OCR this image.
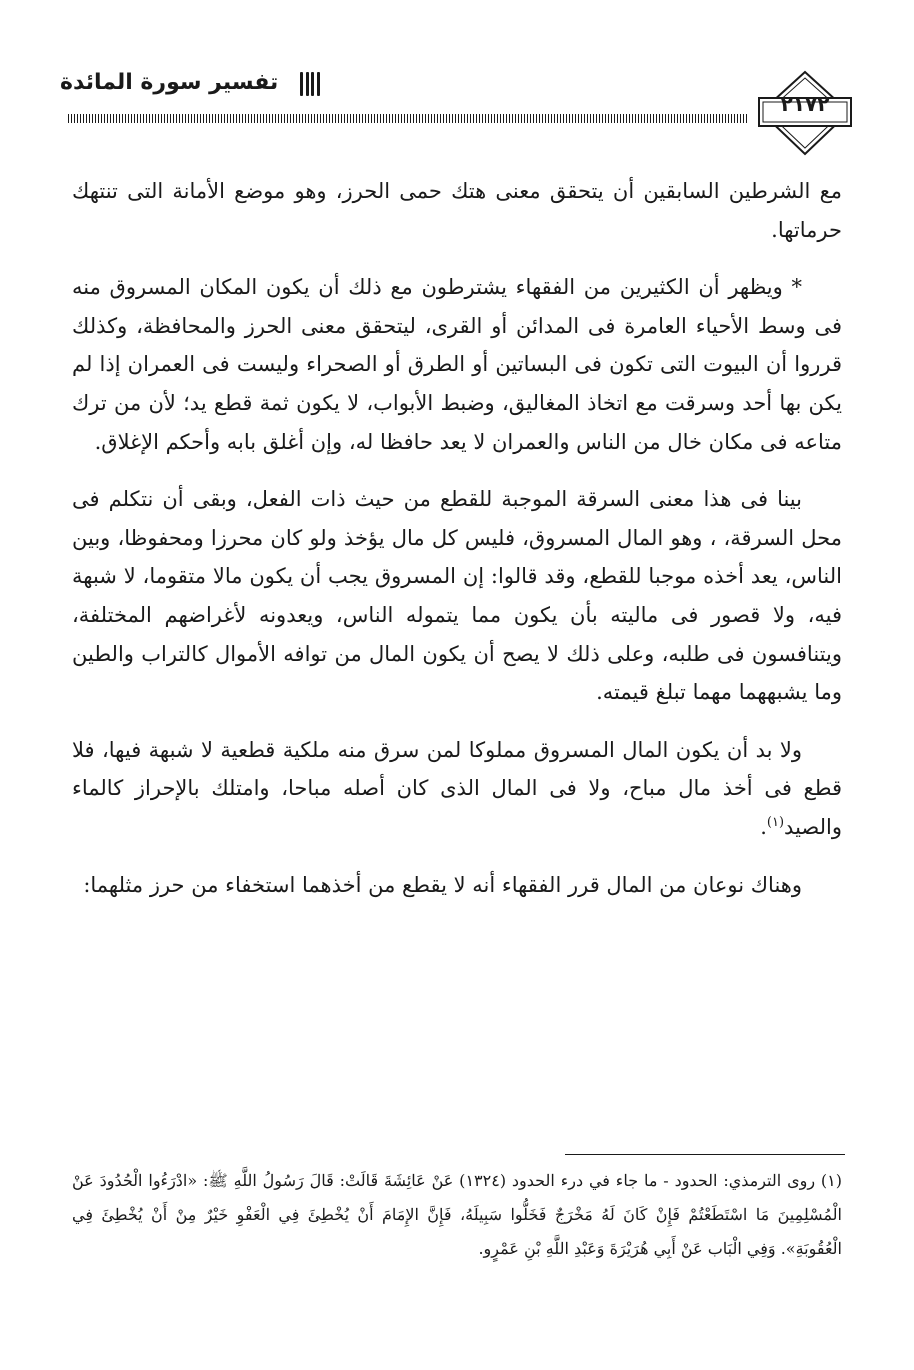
تفسير سورة المائدة
٢١٧٢

مع الشرطين السابقين أن يتحقق معنى هتك حمى الحرز، وهو موضع الأمانة التى تنتهك حرماتها.

* ويظهر أن الكثيرين من الفقهاء يشترطون مع ذلك أن يكون المكان المسروق منه فى وسط الأحياء العامرة فى المدائن أو القرى، ليتحقق معنى الحرز والمحافظة، وكذلك قرروا أن البيوت التى تكون فى البساتين أو الطرق أو الصحراء وليست فى العمران إذا لم يكن بها أحد وسرقت مع اتخاذ المغاليق، وضبط الأبواب، لا يكون ثمة قطع يد؛ لأن من ترك متاعه فى مكان خال من الناس والعمران لا يعد حافظا له، وإن أغلق بابه وأحكم الإغلاق.

بينا فى هذا معنى السرقة الموجبة للقطع من حيث ذات الفعل، وبقى أن نتكلم فى محل السرقة، ، وهو المال المسروق، فليس كل مال يؤخذ ولو كان محرزا ومحفوظا، وبين الناس، يعد أخذه موجبا للقطع، وقد قالوا: إن المسروق يجب أن يكون مالا متقوما، لا شبهة فيه، ولا قصور فى ماليته بأن يكون مما يتموله الناس، ويعدونه لأغراضهم المختلفة، ويتنافسون فى طلبه، وعلى ذلك لا يصح أن يكون المال من توافه الأموال كالتراب والطين وما يشبههما مهما تبلغ قيمته.

ولا بد أن يكون المال المسروق مملوكا لمن سرق منه ملكية قطعية لا شبهة فيها، فلا قطع فى أخذ مال مباح، ولا فى المال الذى كان أصله مباحا، وامتلك بالإحراز كالماء والصيد$^{(١)}$.

وهناك نوعان من المال قرر الفقهاء أنه لا يقطع من أخذهما استخفاء من حرز مثلهما:

(١) روى الترمذي: الحدود - ما جاء في درء الحدود (١٣٢٤) عَنْ عَائِشَةَ قَالَتْ: قَالَ رَسُولُ اللَّهِ ﷺ: «ادْرَءُوا الْحُدُودَ عَنْ الْمُسْلِمِينَ مَا اسْتَطَعْتُمْ فَإِنْ كَانَ لَهُ مَخْرَجٌ فَخَلُّوا سَبِيلَهُ، فَإِنَّ الإِمَامَ أَنْ يُخْطِئَ فِي الْعَفْوِ خَيْرٌ مِنْ أَنْ يُخْطِئَ فِي الْعُقُوبَةِ». وَفِي الْبَاب عَنْ أَبِي هُرَيْرَةَ وَعَبْدِ اللَّهِ بْنِ عَمْرٍو.
